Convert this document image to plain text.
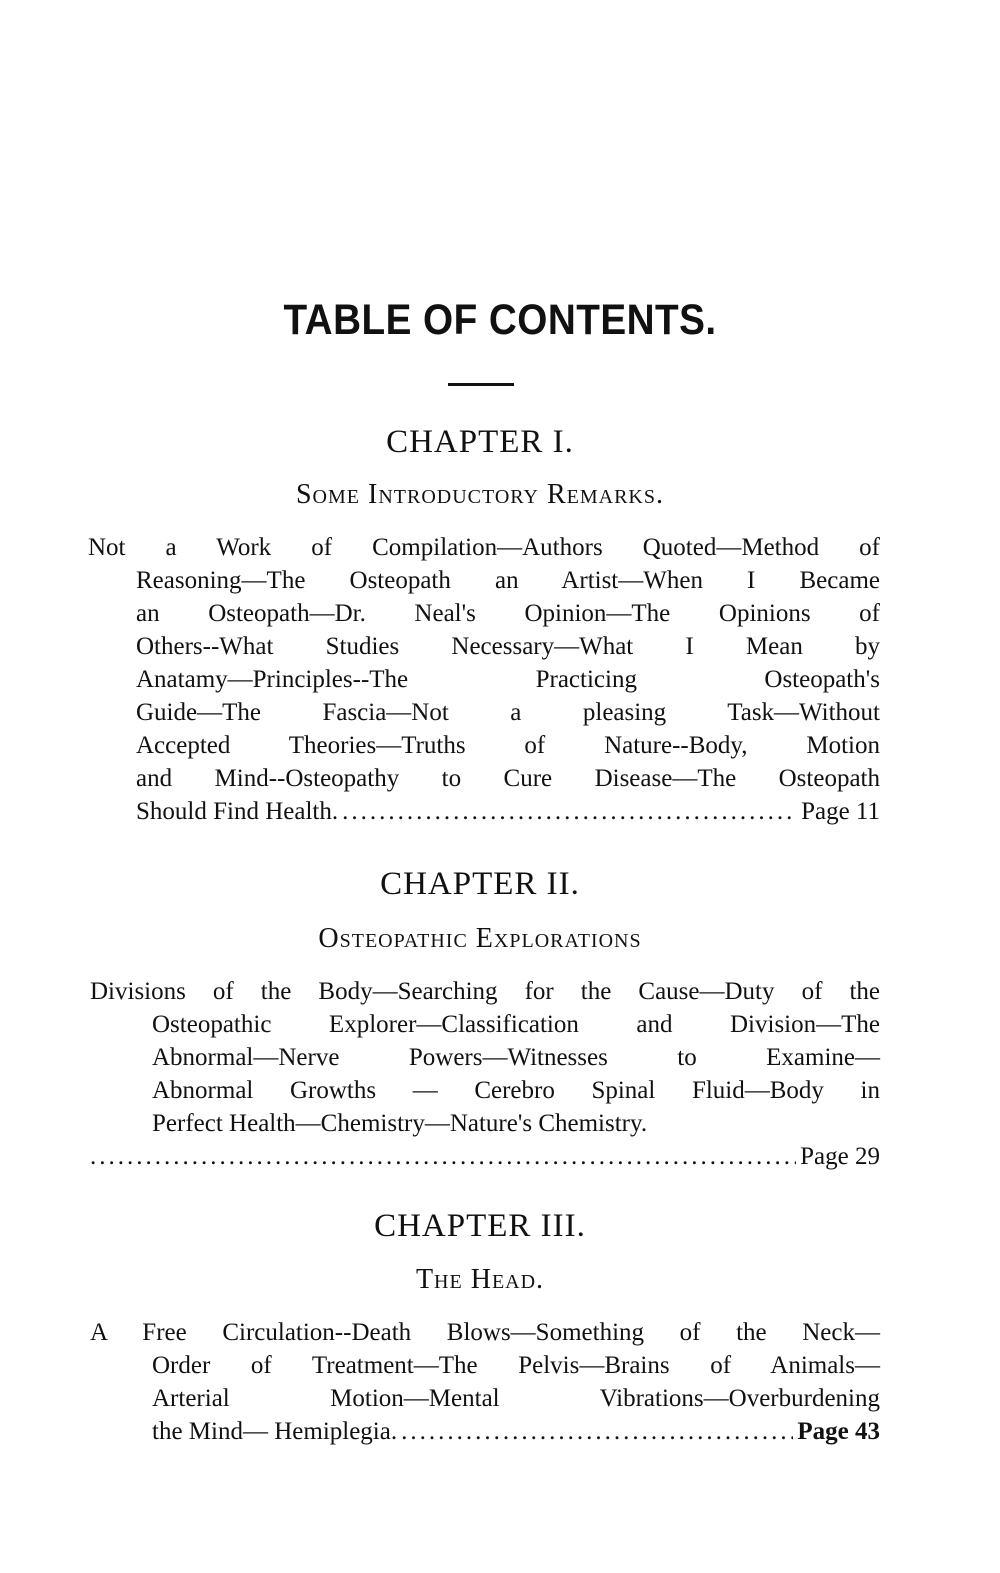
TABLE OF CONTENTS.
CHAPTER I.
Some Introductory Remarks.
Not a Work of Compilation—Authors Quoted—Method of
Reasoning—The Osteopath an Artist—When I Became
an Osteopath—Dr. Neal's Opinion—The Opinions of
Others--What Studies Necessary—What I Mean by
Anatamy—Principles--The Practicing Osteopath's
Guide—The Fascia—Not a pleasing Task—Without
Accepted Theories—Truths of Nature--Body, Motion
and Mind--Osteopathy to Cure Disease—The Osteopath
Should Find Health. .....	Page 11
CHAPTER II.
Osteopathic Explorations
Divisions of the Body—Searching for the Cause—Duty of the
Osteopathic Explorer—Classification and Division—The
Abnormal—Nerve Powers—Witnesses to Examine—
Abnormal Growths — Cerebro Spinal Fluid—Body in
Perfect Health—Chemistry—Nature's Chemistry.
.....
Page 29
CHAPTER III.
The Head.
A Free Circulation--Death Blows—Something of the Neck—
Order of Treatment—The Pelvis—Brains of Animals—
Arterial Motion—Mental Vibrations—Overburdening
the Mind— Hemiplegia. .....	Page 43
